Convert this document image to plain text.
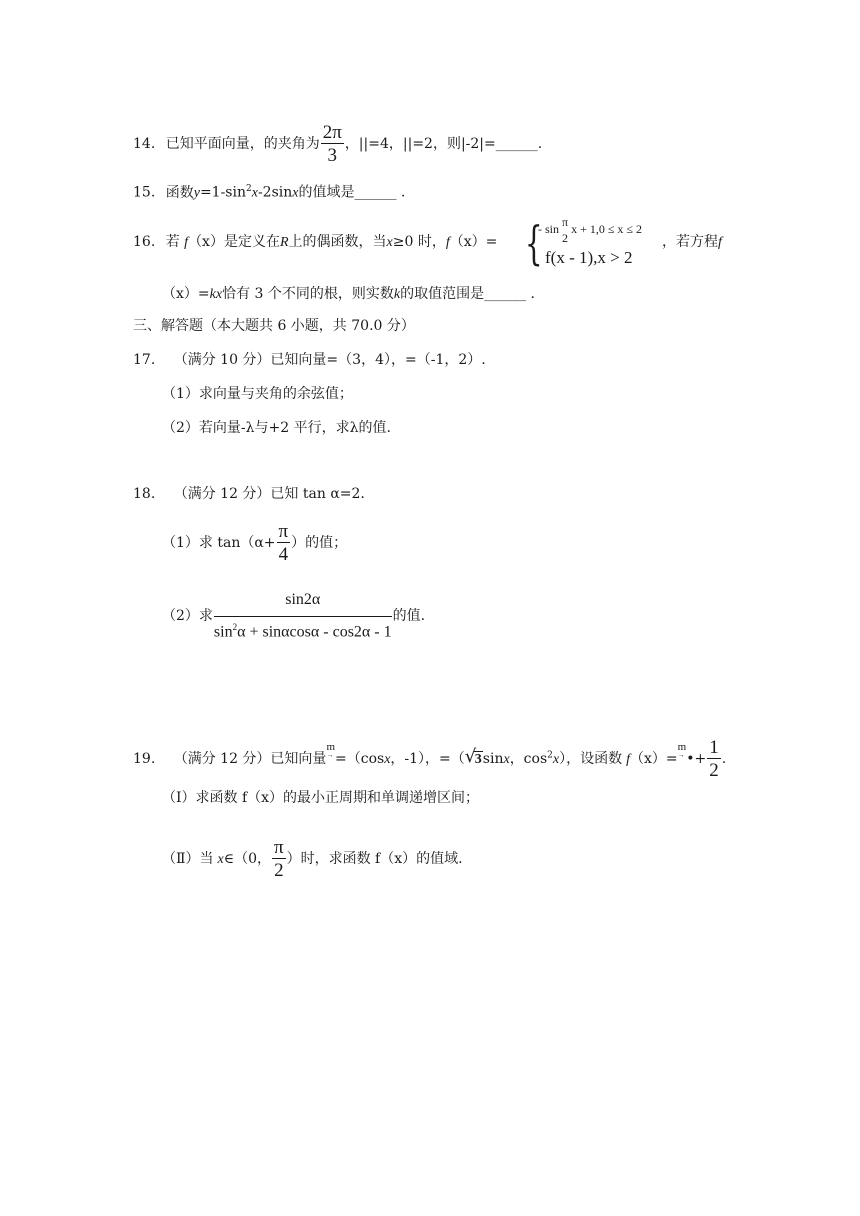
14. 已知平面向量，的夹角为 $\frac{2\pi}{3}$ ，||=4，||=2，则|-2|=______.
15. 函数$y=1-\sin^2x-2\sin x$的值域是______ .
16. 若 f（x）是定义在R上的偶函数，当x≥0 时，f（x）= {
- sin π
2
x + 1,0 ≤ x ≤ 2
f(x - 1),x > 2
，若方程f
（x）=kx恰有 3 个不同的根，则实数k的取值范围是______ .
三、解答题（本大题共 6 小题，共 70.0 分）
17. （满分 10 分）已知向量=（3，4），=（-1，2）.
（1）求向量与夹角的余弦值；
（2）若向量-λ与+2 平行，求λ的值.
18. （满分 12 分）已知 tan α=2.
（1）求 $\tan(\alpha+ \frac{\pi}{4}$ ）的值；
（2）求 $\frac{\sin 2\alpha}{\sin^2\alpha + \sin\alpha\cos\alpha - \cos 2\alpha - 1}$ 的值.
19. （满分 12 分）已知向量m
→ =（cosx，-1），=（ √
3sinx，$\cos^2x$），设函数 f（x）=m
→ •+ $\frac{1}{2}$ .
（Ⅰ）求函数 f（x）的最小正周期和单调递增区间；
（Ⅱ）当 x∈（0， $\frac{\pi}{2}$ ）时，求函数 f（x）的值域.
